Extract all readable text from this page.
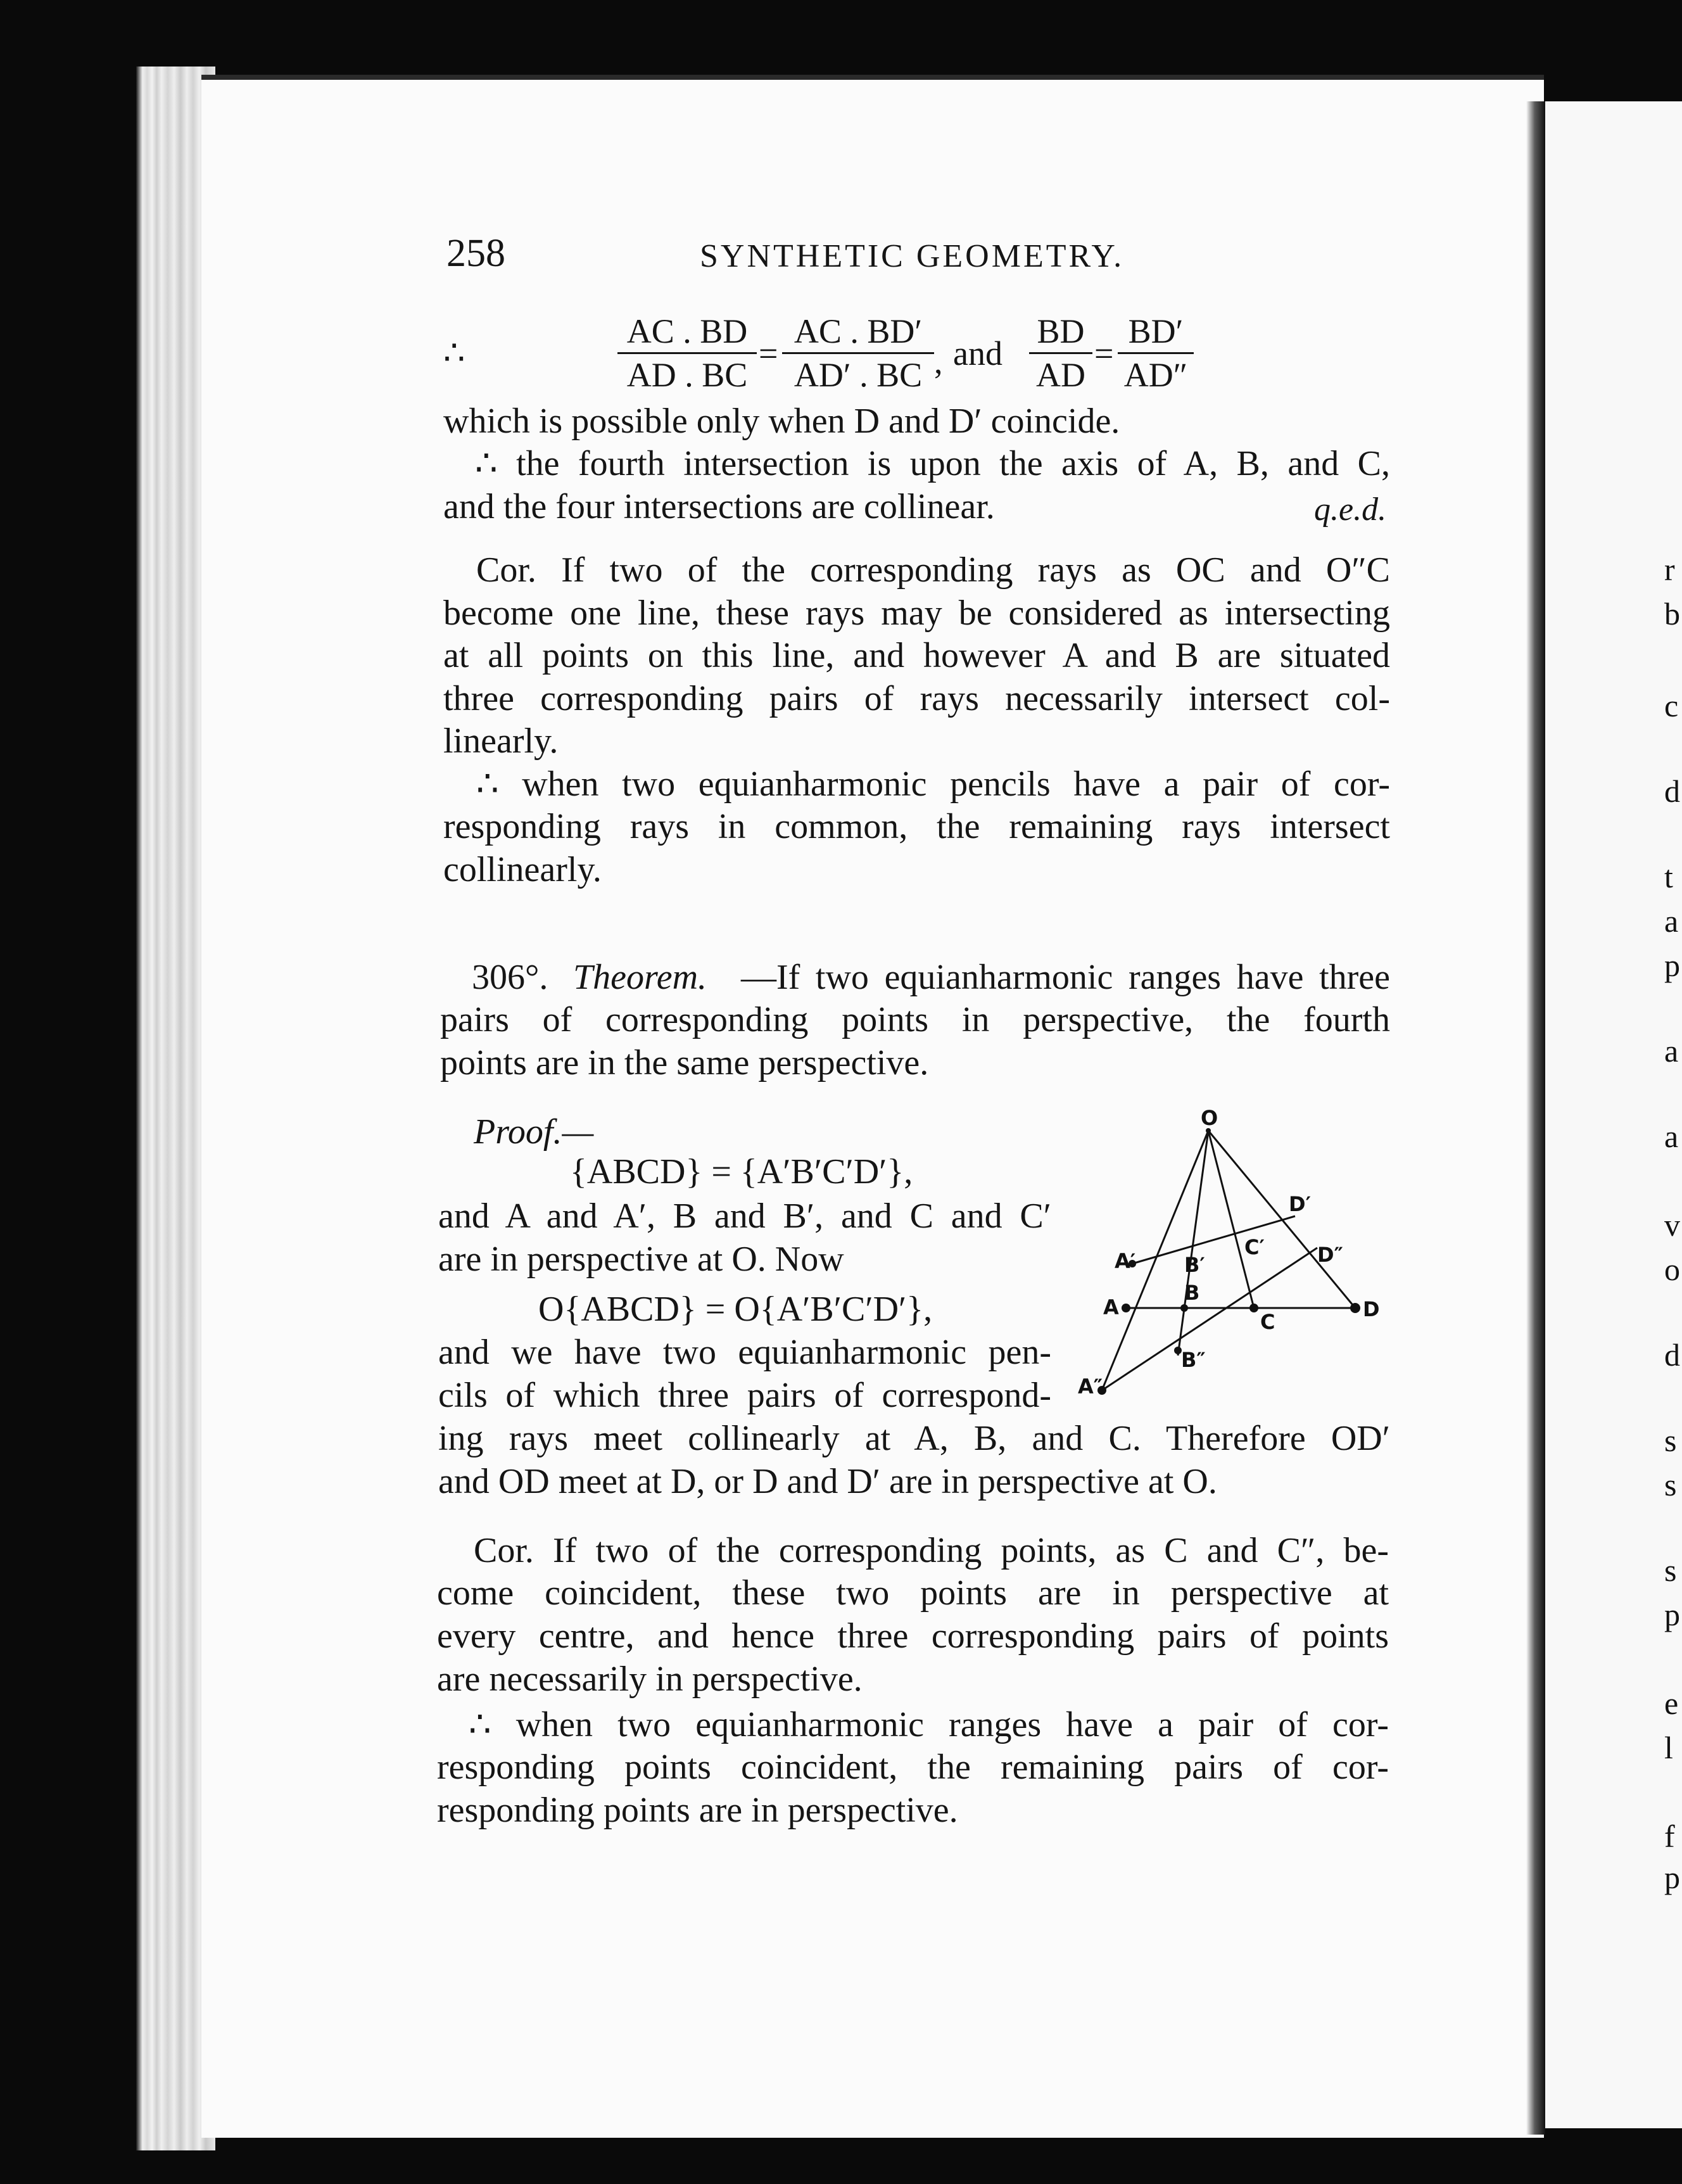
r
b
c
d
t
a
p
a
a
v
o
d
s
s
s
p
e
l
f
p
258	SYNTHETIC GEOMETRY.
∴
AC . BD
AD . BC
=
AC . BD′
AD′ . BC , and
BD
AD
=
BD′
AD″
which is possible only when D and D′ coincide.
∴ the fourth intersection is upon the axis of A, B, and C,
and the four intersections are collinear.	q.e.d.
Cor. If two of the corresponding rays as OC and O″C
become one line, these rays may be considered as intersecting
at all points on this line, and however A and B are situated
three corresponding pairs of rays necessarily intersect col-
linearly.
∴ when two equianharmonic pencils have a pair of cor-
responding rays in common, the remaining rays intersect
collinearly.
306°. Theorem. —If two equianharmonic ranges have three
pairs of corresponding points in perspective, the fourth
points are in the same perspective.
Proof.—
{ABCD} = {A′B′C′D′},
and A and A′, B and B′, and C and C′
are in perspective at O. Now
O{ABCD} = O{A′B′C′D′},
and we have two equianharmonic pen-
cils of which three pairs of correspond-
ing rays meet collinearly at A, B, and C. Therefore OD′
and OD meet at D, or D and D′ are in perspective at O.
O
A
A′
A″
B
B′
B″
C
C′
D
D′
D″
Cor. If two of the corresponding points, as C and C″, be-
come coincident, these two points are in perspective at
every centre, and hence three corresponding pairs of points
are necessarily in perspective.
∴ when two equianharmonic ranges have a pair of cor-
responding points coincident, the remaining pairs of cor-
responding points are in perspective.
